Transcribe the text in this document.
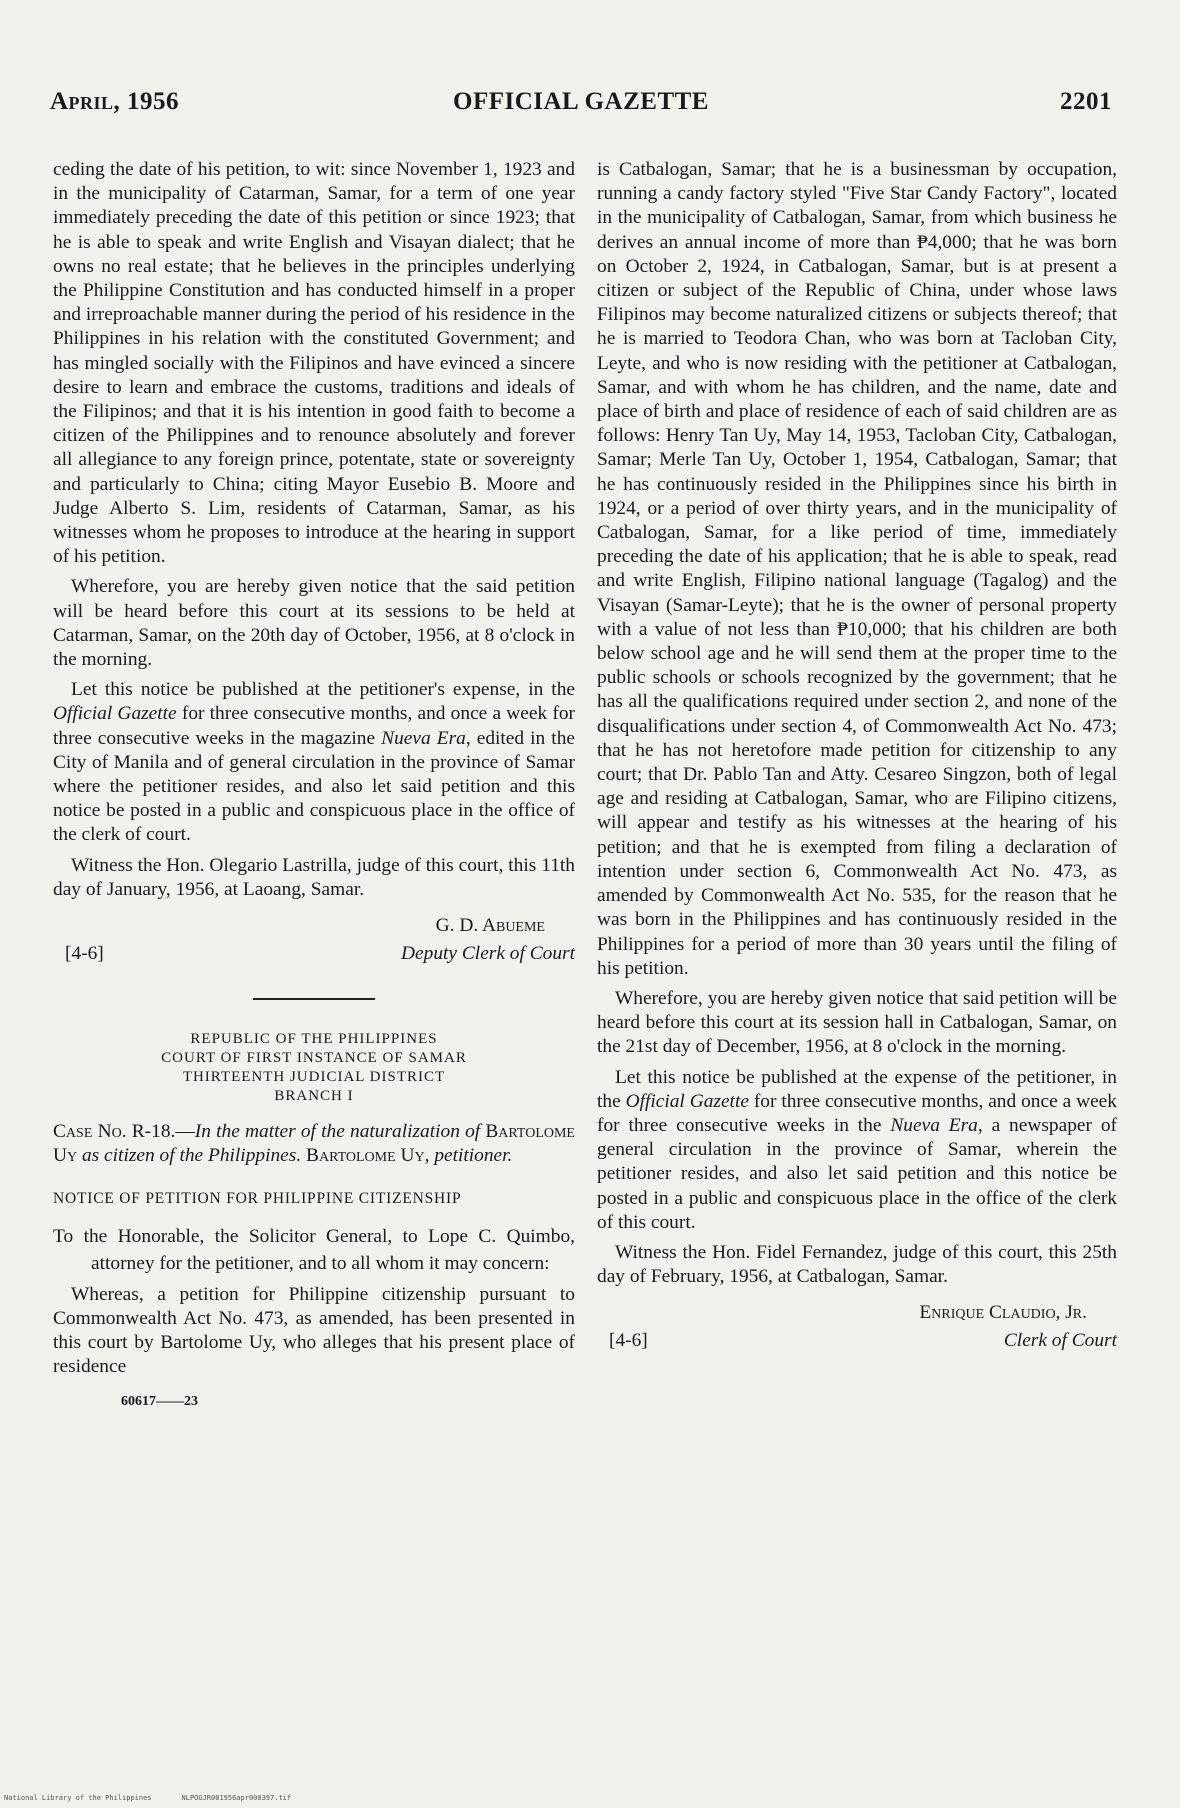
April, 1956	OFFICIAL GAZETTE	2201

ceding the date of his petition, to wit: since November 1, 1923 and in the municipality of Catarman, Samar, for a term of one year immediately preceding the date of this petition or since 1923; that he is able to speak and write English and Visayan dialect; that he owns no real estate; that he believes in the principles underlying the Philippine Constitution and has conducted himself in a proper and irreproachable manner during the period of his residence in the Philippines in his relation with the constituted Government; and has mingled socially with the Filipinos and have evinced a sincere desire to learn and embrace the customs, traditions and ideals of the Filipinos; and that it is his intention in good faith to become a citizen of the Philippines and to renounce absolutely and forever all allegiance to any foreign prince, potentate, state or sovereignty and particularly to China; citing Mayor Eusebio B. Moore and Judge Alberto S. Lim, residents of Catarman, Samar, as his witnesses whom he proposes to introduce at the hearing in support of his petition.

Wherefore, you are hereby given notice that the said petition will be heard before this court at its sessions to be held at Catarman, Samar, on the 20th day of October, 1956, at 8 o'clock in the morning.

Let this notice be published at the petitioner's expense, in the Official Gazette for three consecutive months, and once a week for three consecutive weeks in the magazine Nueva Era, edited in the City of Manila and of general circulation in the province of Samar where the petitioner resides, and also let said petition and this notice be posted in a public and conspicuous place in the office of the clerk of court.

Witness the Hon. Olegario Lastrilla, judge of this court, this 11th day of January, 1956, at Laoang, Samar.

[4-6]
G. D. Abueme
Deputy Clerk of Court
REPUBLIC OF THE PHILIPPINES
COURT OF FIRST INSTANCE OF SAMAR
THIRTEENTH JUDICIAL DISTRICT
BRANCH I

Case No. R-18.—In the matter of the naturalization of Bartolome Uy as citizen of the Philippines. Bartolome Uy, petitioner.

NOTICE OF PETITION FOR PHILIPPINE CITIZENSHIP

To the Honorable, the Solicitor General, to Lope C. Quimbo, attorney for the petitioner, and to all whom it may concern:

Whereas, a petition for Philippine citizenship pursuant to Commonwealth Act No. 473, as amended, has been presented in this court by Bartolome Uy, who alleges that his present place of residence

60617——23

is Catbalogan, Samar; that he is a businessman by occupation, running a candy factory styled "Five Star Candy Factory", located in the municipality of Catbalogan, Samar, from which business he derives an annual income of more than ₱4,000; that he was born on October 2, 1924, in Catbalogan, Samar, but is at present a citizen or subject of the Republic of China, under whose laws Filipinos may become naturalized citizens or subjects thereof; that he is married to Teodora Chan, who was born at Tacloban City, Leyte, and who is now residing with the petitioner at Catbalogan, Samar, and with whom he has children, and the name, date and place of birth and place of residence of each of said children are as follows: Henry Tan Uy, May 14, 1953, Tacloban City, Catbalogan, Samar; Merle Tan Uy, October 1, 1954, Catbalogan, Samar; that he has continuously resided in the Philippines since his birth in 1924, or a period of over thirty years, and in the municipality of Catbalogan, Samar, for a like period of time, immediately preceding the date of his application; that he is able to speak, read and write English, Filipino national language (Tagalog) and the Visayan (Samar-Leyte); that he is the owner of personal property with a value of not less than ₱10,000; that his children are both below school age and he will send them at the proper time to the public schools or schools recognized by the government; that he has all the qualifications required under section 2, and none of the disqualifications under section 4, of Commonwealth Act No. 473; that he has not heretofore made petition for citizenship to any court; that Dr. Pablo Tan and Atty. Cesareo Singzon, both of legal age and residing at Catbalogan, Samar, who are Filipino citizens, will appear and testify as his witnesses at the hearing of his petition; and that he is exempted from filing a declaration of intention under section 6, Commonwealth Act No. 473, as amended by Commonwealth Act No. 535, for the reason that he was born in the Philippines and has continuously resided in the Philippines for a period of more than 30 years until the filing of his petition.

Wherefore, you are hereby given notice that said petition will be heard before this court at its session hall in Catbalogan, Samar, on the 21st day of December, 1956, at 8 o'clock in the morning.

Let this notice be published at the expense of the petitioner, in the Official Gazette for three consecutive months, and once a week for three consecutive weeks in the Nueva Era, a newspaper of general circulation in the province of Samar, wherein the petitioner resides, and also let said petition and this notice be posted in a public and conspicuous place in the office of the clerk of this court.

Witness the Hon. Fidel Fernandez, judge of this court, this 25th day of February, 1956, at Catbalogan, Samar.

[4-6]
Enrique Claudio, Jr.
Clerk of Court
National Library of the Philippines	NLPOGJR001956apr000397.tif
